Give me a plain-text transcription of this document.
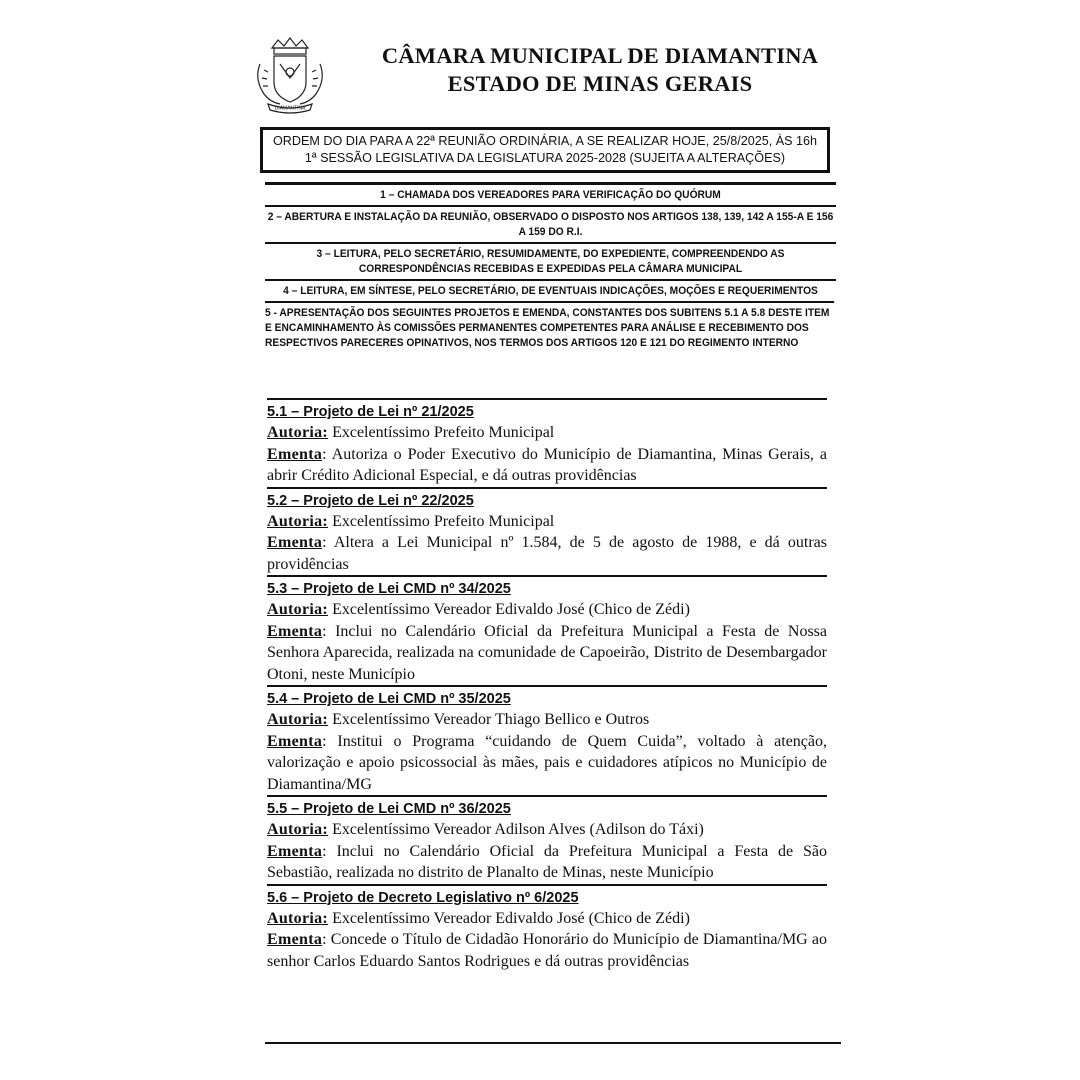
DIAMANTINA
CÂMARA MUNICIPAL DE DIAMANTINA
ESTADO DE MINAS GERAIS
ORDEM DO DIA PARA A 22ª REUNIÃO ORDINÁRIA, A SE REALIZAR HOJE, 25/8/2025, ÀS 16h
1ª SESSÃO LEGISLATIVA DA LEGISLATURA 2025-2028 (SUJEITA A ALTERAÇÕES)
1 – CHAMADA DOS VEREADORES PARA VERIFICAÇÃO DO QUÓRUM
2 – ABERTURA E INSTALAÇÃO DA REUNIÃO, OBSERVADO O DISPOSTO NOS ARTIGOS 138, 139, 142 A 155-A E 156 A 159 DO R.I.
3 – LEITURA, PELO SECRETÁRIO, RESUMIDAMENTE, DO EXPEDIENTE, COMPREENDENDO AS CORRESPONDÊNCIAS RECEBIDAS E EXPEDIDAS PELA CÂMARA MUNICIPAL
4 – LEITURA, EM SÍNTESE, PELO SECRETÁRIO, DE EVENTUAIS INDICAÇÕES, MOÇÕES E REQUERIMENTOS
5 - APRESENTAÇÃO DOS SEGUINTES PROJETOS E EMENDA, CONSTANTES DOS SUBITENS 5.1 A 5.8 DESTE ITEM E ENCAMINHAMENTO ÀS COMISSÕES PERMANENTES COMPETENTES PARA ANÁLISE E RECEBIMENTO DOS RESPECTIVOS PARECERES OPINATIVOS, NOS TERMOS DOS ARTIGOS 120 E 121 DO REGIMENTO INTERNO
5.1 – Projeto de Lei nº 21/2025

Autoria: Excelentíssimo Prefeito Municipal

Ementa: Autoriza o Poder Executivo do Município de Diamantina, Minas Gerais, a abrir Crédito Adicional Especial, e dá outras providências

5.2 – Projeto de Lei nº 22/2025

Autoria: Excelentíssimo Prefeito Municipal

Ementa: Altera a Lei Municipal nº 1.584, de 5 de agosto de 1988, e dá outras providências

5.3 – Projeto de Lei CMD nº 34/2025

Autoria: Excelentíssimo Vereador Edivaldo José (Chico de Zédi)

Ementa: Inclui no Calendário Oficial da Prefeitura Municipal a Festa de Nossa Senhora Aparecida, realizada na comunidade de Capoeirão, Distrito de Desembargador Otoni, neste Município

5.4 – Projeto de Lei CMD nº 35/2025

Autoria: Excelentíssimo Vereador Thiago Bellico e Outros

Ementa: Institui o Programa “cuidando de Quem Cuida”, voltado à atenção, valorização e apoio psicossocial às mães, pais e cuidadores atípicos no Município de Diamantina/MG

5.5 – Projeto de Lei CMD nº 36/2025

Autoria: Excelentíssimo Vereador Adilson Alves (Adilson do Táxi)

Ementa: Inclui no Calendário Oficial da Prefeitura Municipal a Festa de São Sebastião, realizada no distrito de Planalto de Minas, neste Município

5.6 – Projeto de Decreto Legislativo nº 6/2025

Autoria: Excelentíssimo Vereador Edivaldo José (Chico de Zédi)

Ementa: Concede o Título de Cidadão Honorário do Município de Diamantina/MG ao senhor Carlos Eduardo Santos Rodrigues e dá outras providências
